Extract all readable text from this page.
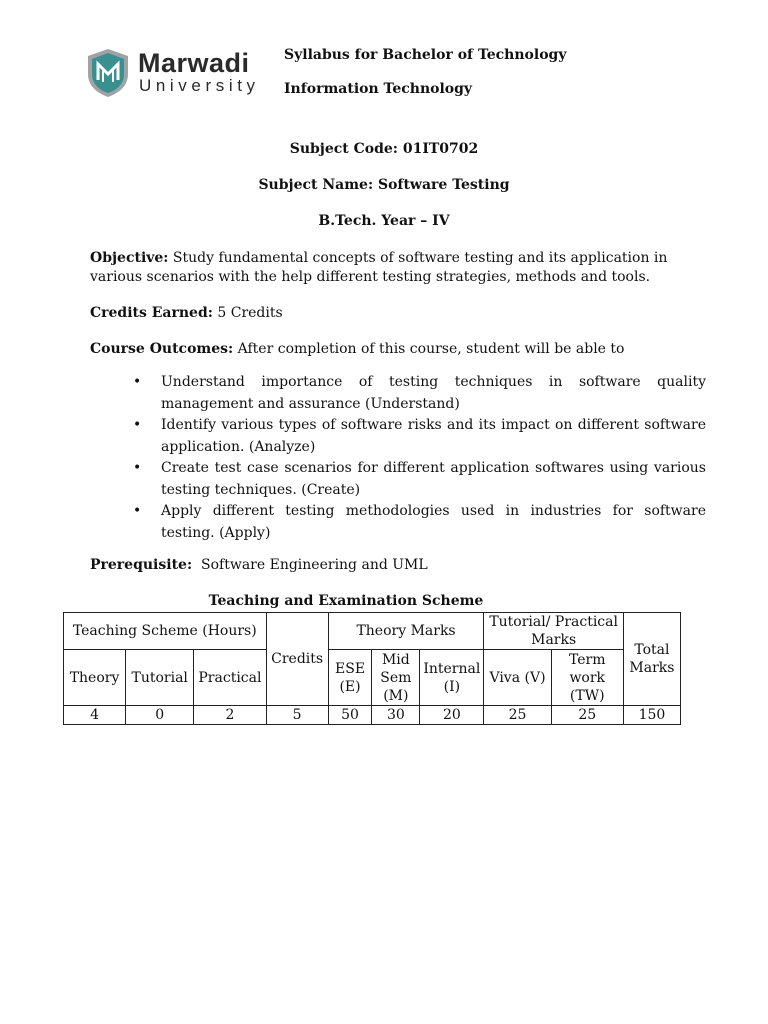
Marwadi
University
Syllabus for Bachelor of Technology
Information Technology
Subject Code: 01IT0702
Subject Name: Software Testing
B.Tech. Year – IV
Objective: Study fundamental concepts of software testing and its application in various scenarios with the help different testing strategies, methods and tools.
Credits Earned: 5 Credits
Course Outcomes: After completion of this course, student will be able to
• Understand importance of testing techniques in software quality management and assurance (Understand)
• Identify various types of software risks and its impact on different software application. (Analyze)
• Create test case scenarios for different application softwares using various testing techniques. (Create)
• Apply different testing methodologies used in industries for software testing. (Apply)
Prerequisite:  Software Engineering and UML
Teaching and Examination Scheme
Teaching Scheme (Hours)			Credits	Theory Marks			Tutorial/ Practical Marks		Total Marks
Theory	Tutorial	Practical		ESE (E)	Mid Sem (M)	Internal (I)	Viva (V)	Term work (TW)	
4	0	2	5	50	30	20	25	25	150
